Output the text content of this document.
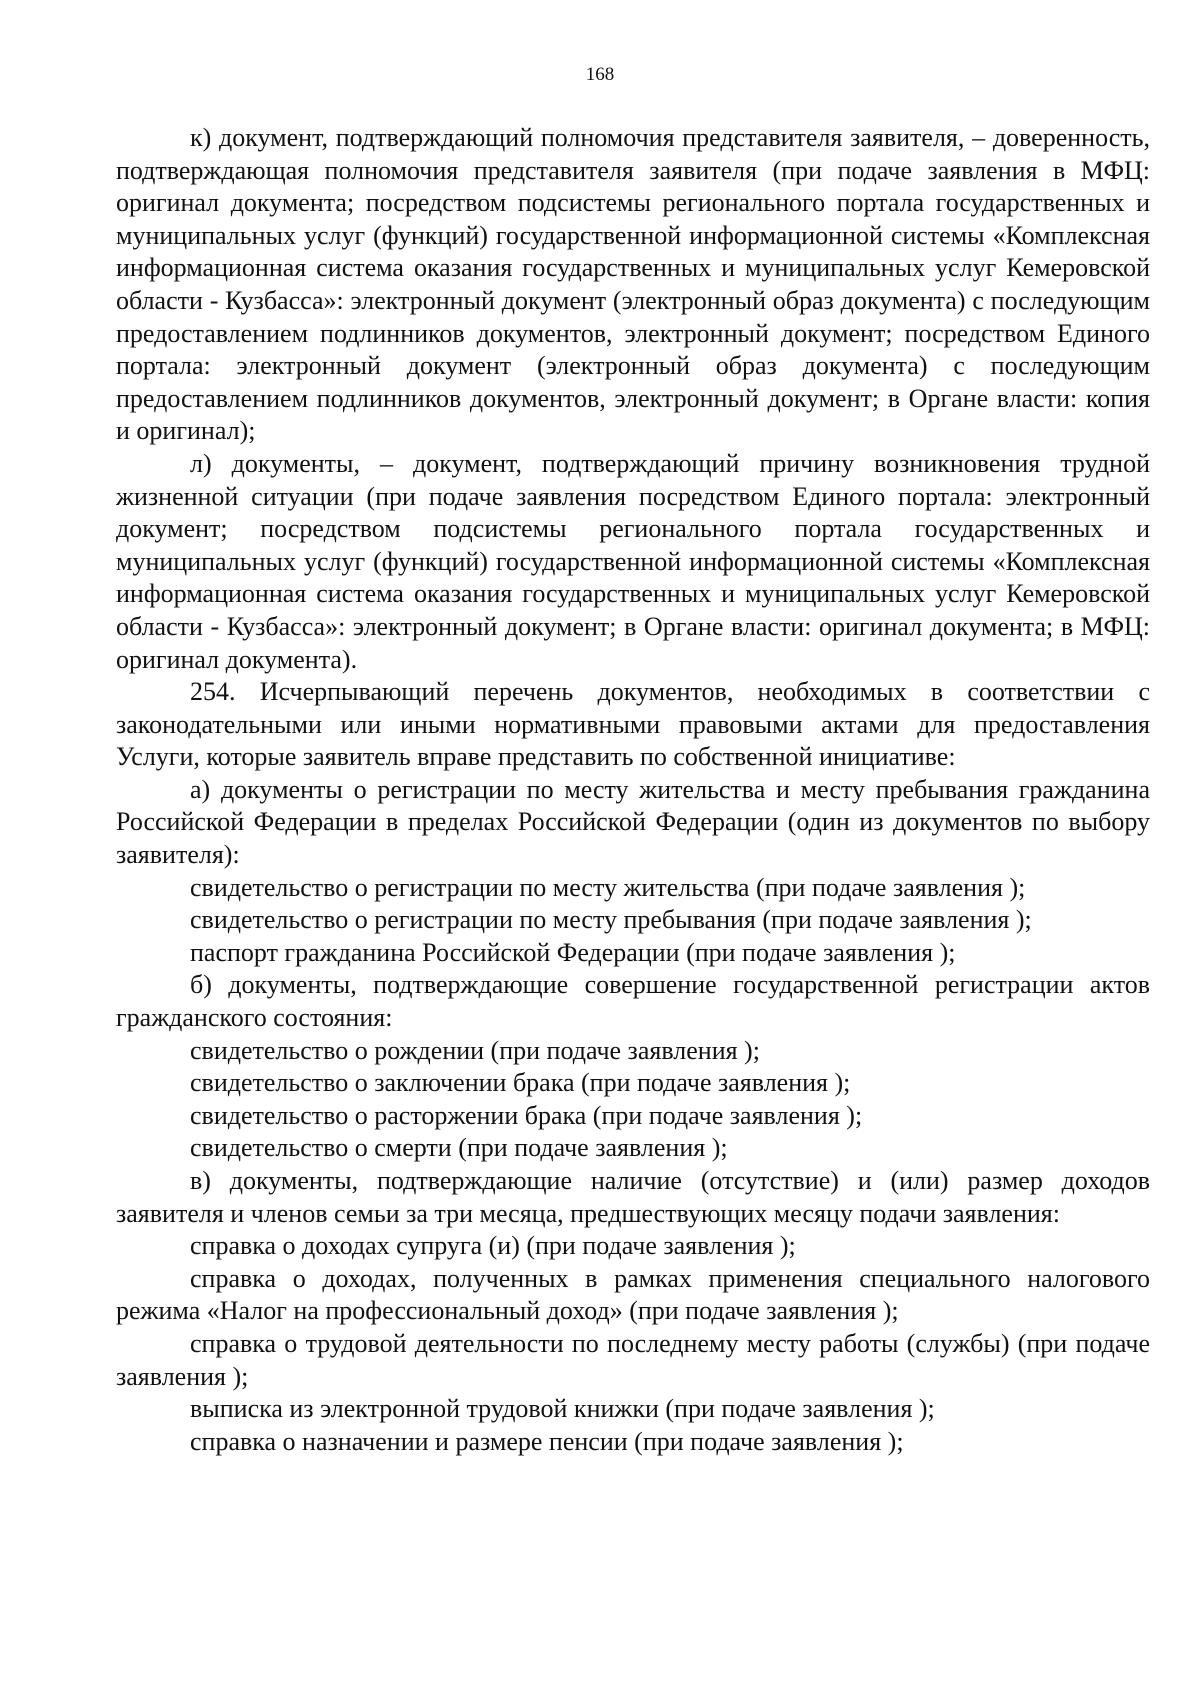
168

к) документ, подтверждающий полномочия представителя заявителя, – доверенность, подтверждающая полномочия представителя заявителя (при подаче заявления в МФЦ: оригинал документа; посредством подсистемы регионального портала государственных и муниципальных услуг (функций) государственной информационной системы «Комплексная информационная система оказания государственных и муниципальных услуг Кемеровской области - Кузбасса»: электронный документ (электронный образ документа) с последующим предоставлением подлинников документов, электронный документ; посредством Единого портала: электронный документ (электронный образ документа) с последующим предоставлением подлинников документов, электронный документ; в Органе власти: копия и оригинал);

л) документы, – документ, подтверждающий причину возникновения трудной жизненной ситуации (при подаче заявления посредством Единого портала: электронный документ; посредством подсистемы регионального портала государственных и муниципальных услуг (функций) государственной информационной системы «Комплексная информационная система оказания государственных и муниципальных услуг Кемеровской области - Кузбасса»: электронный документ; в Органе власти: оригинал документа; в МФЦ: оригинал документа).

254. Исчерпывающий перечень документов, необходимых в соответствии с законодательными или иными нормативными правовыми актами для предоставления Услуги, которые заявитель вправе представить по собственной инициативе:

а) документы о регистрации по месту жительства и месту пребывания гражданина Российской Федерации в пределах Российской Федерации (один из документов по выбору заявителя):

свидетельство о регистрации по месту жительства (при подаче заявления );

свидетельство о регистрации по месту пребывания (при подаче заявления );

паспорт гражданина Российской Федерации (при подаче заявления );

б) документы, подтверждающие совершение государственной регистрации актов гражданского состояния:

свидетельство о рождении (при подаче заявления );

свидетельство о заключении брака (при подаче заявления );

свидетельство о расторжении брака (при подаче заявления );

свидетельство о смерти (при подаче заявления );

в) документы, подтверждающие наличие (отсутствие) и (или) размер доходов заявителя и членов семьи за три месяца, предшествующих месяцу подачи заявления:

справка о доходах супруга (и) (при подаче заявления );

справка о доходах, полученных в рамках применения специального налогового режима «Налог на профессиональный доход» (при подаче заявления );

справка о трудовой деятельности по последнему месту работы (службы) (при подаче заявления );

выписка из электронной трудовой книжки (при подаче заявления );

справка о назначении и размере пенсии (при подаче заявления );
